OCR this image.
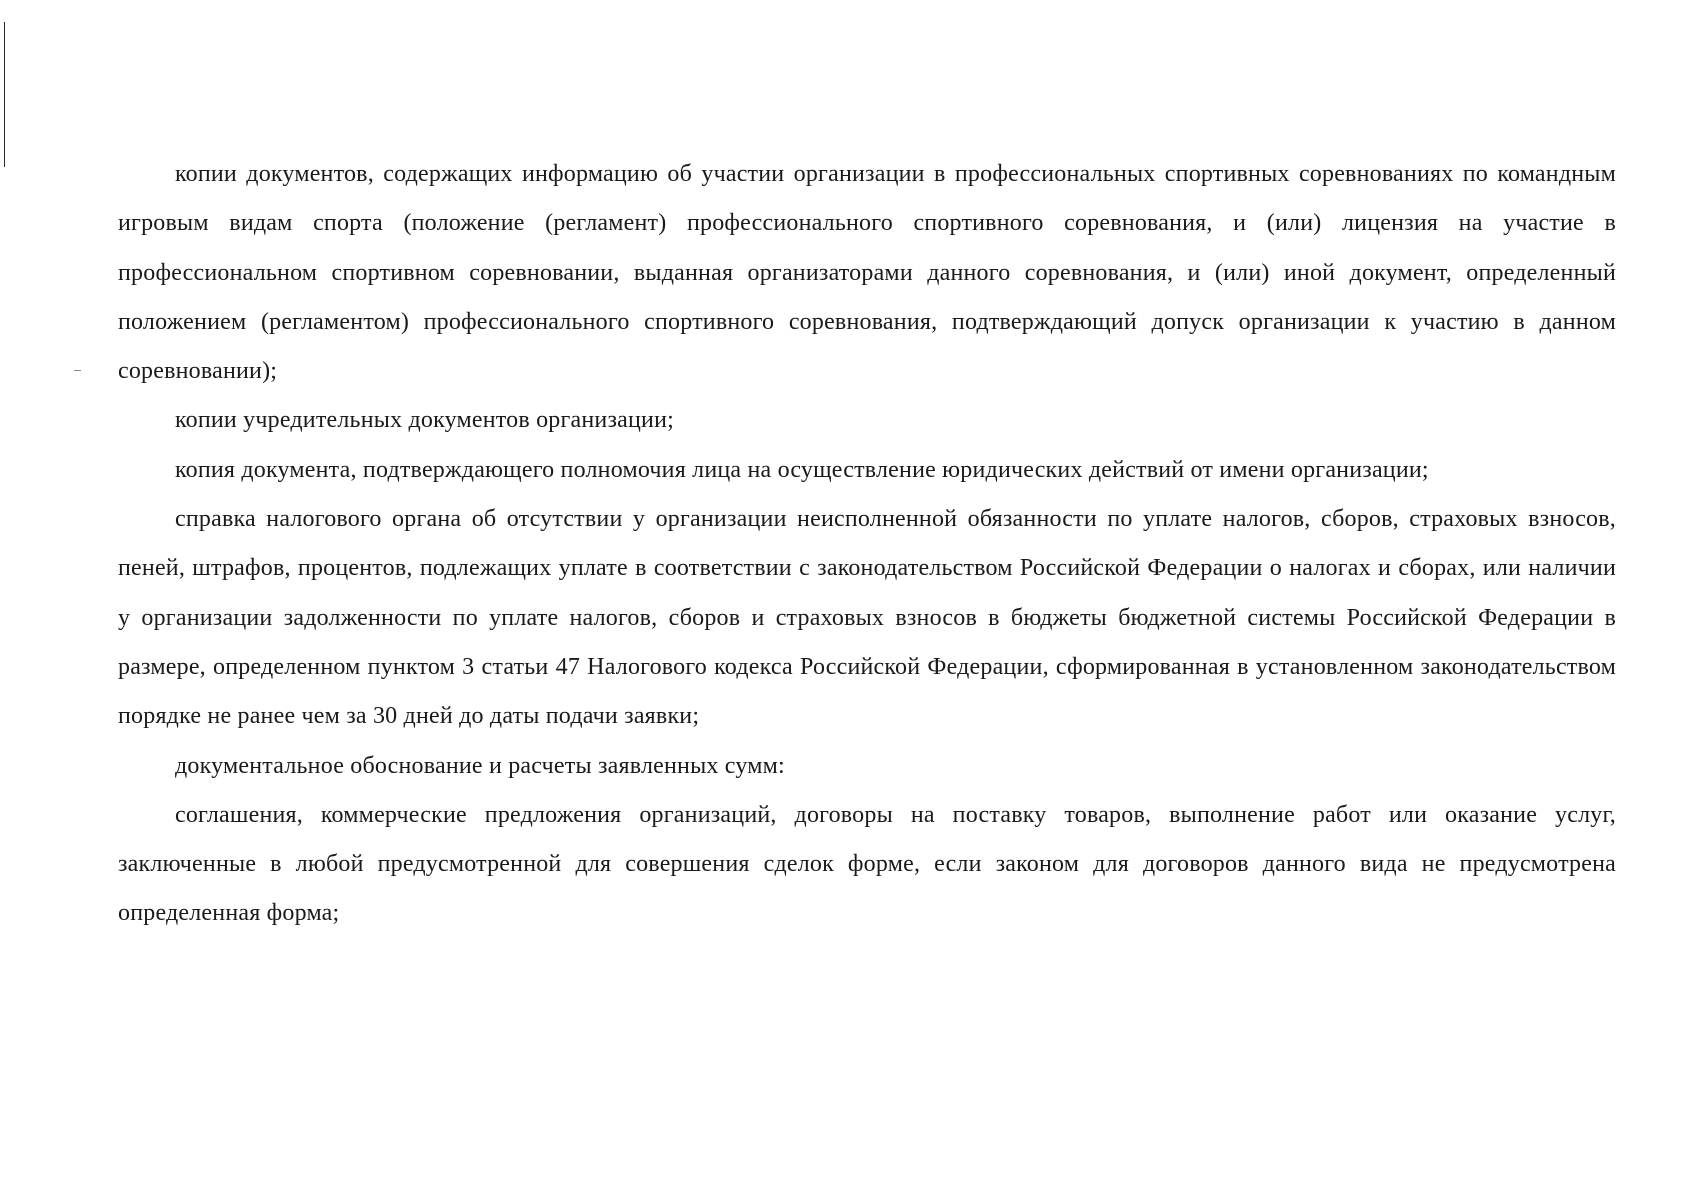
копии документов, содержащих информацию об участии организации в профессиональных спортивных соревнованиях по командным игровым видам спорта (положение (регламент) профессионального спортивного соревнования, и (или) лицензия на участие в профессиональном спортивном соревновании, выданная организаторами данного соревнования, и (или) иной документ, определенный положением (регламентом) профессионального спортивного соревнования, подтверждающий допуск организации к участию в данном соревновании);

копии учредительных документов организации;

копия документа, подтверждающего полномочия лица на осуществление юридических действий от имени организации;

справка налогового органа об отсутствии у организации неисполненной обязанности по уплате налогов, сборов, страховых взносов, пеней, штрафов, процентов, подлежащих уплате в соответствии с законодательством Российской Федерации о налогах и сборах, или наличии у организации задолженности по уплате налогов, сборов и страховых взносов в бюджеты бюджетной системы Российской Федерации в размере, определенном пунктом 3 статьи 47 Налогового кодекса Российской Федерации, сформированная в установленном законодательством порядке не ранее чем за 30 дней до даты подачи заявки;

документальное обоснование и расчеты заявленных сумм:

соглашения, коммерческие предложения организаций, договоры на поставку товаров, выполнение работ или оказание услуг, заключенные в любой предусмотренной для совершения сделок форме, если законом для договоров данного вида не предусмотрена определенная форма;
